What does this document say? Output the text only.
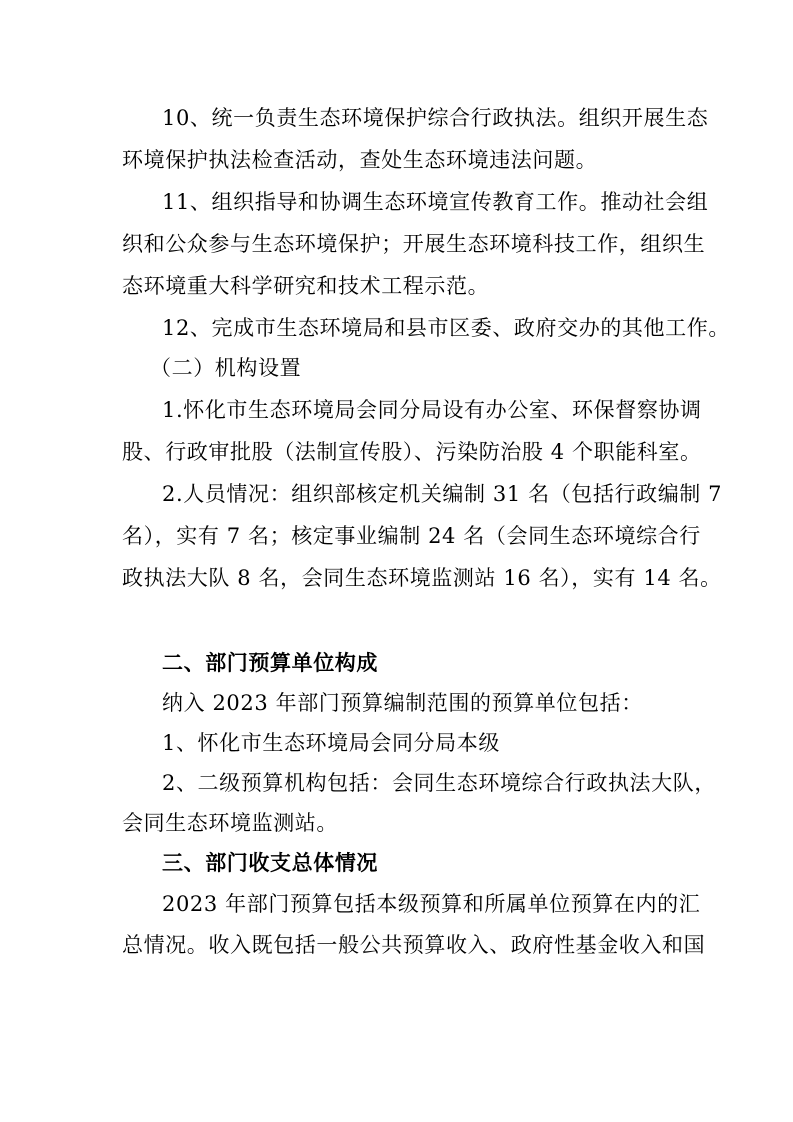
10、统一负责生态环境保护综合行政执法。组织开展生态
环境保护执法检查活动，查处生态环境违法问题。
11、组织指导和协调生态环境宣传教育工作。推动社会组
织和公众参与生态环境保护；开展生态环境科技工作，组织生
态环境重大科学研究和技术工程示范。
12、完成市生态环境局和县市区委、政府交办的其他工作。
（二）机构设置
1.怀化市生态环境局会同分局设有办公室、环保督察协调
股、行政审批股（法制宣传股）、污染防治股 4 个职能科室。
2.人员情况：组织部核定机关编制 31 名（包括行政编制 7
名），实有 7 名；核定事业编制 24 名（会同生态环境综合行
政执法大队 8 名，会同生态环境监测站 16 名），实有 14 名。
二、部门预算单位构成
纳入 2023 年部门预算编制范围的预算单位包括：
1、怀化市生态环境局会同分局本级
2、二级预算机构包括：会同生态环境综合行政执法大队，
会同生态环境监测站。
三、部门收支总体情况
2023 年部门预算包括本级预算和所属单位预算在内的汇
总情况。收入既包括一般公共预算收入、政府性基金收入和国
